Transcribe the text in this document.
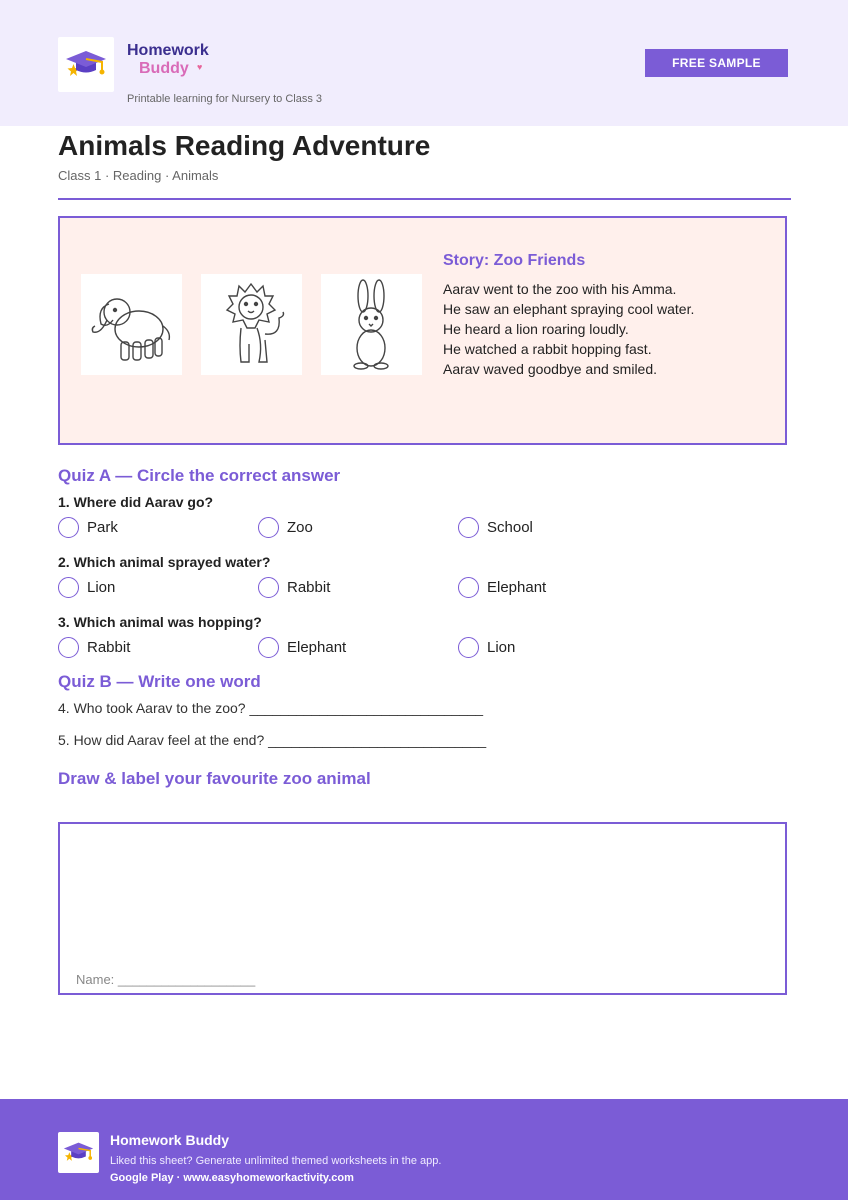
Homework
Buddy ♥
Printable learning for Nursery to Class 3
FREE SAMPLE
Animals Reading Adventure
Class 1 · Reading · Animals
Story: Zoo Friends
Aarav went to the zoo with his Amma.
He saw an elephant spraying cool water.
He heard a lion roaring loudly.
He watched a rabbit hopping fast.
Aarav waved goodbye and smiled.
Quiz A — Circle the correct answer
1. Where did Aarav go?
Park	Zoo	School
2. Which animal sprayed water?
Lion	Rabbit	Elephant
3. Which animal was hopping?
Rabbit	Elephant	Lion
Quiz B — Write one word
4. Who took Aarav to the zoo? ______________________________
5. How did Aarav feel at the end? ____________________________
Draw & label your favourite zoo animal
Name: ___________________
Homework Buddy
Liked this sheet? Generate unlimited themed worksheets in the app.
Google Play · www.easyhomeworkactivity.com
